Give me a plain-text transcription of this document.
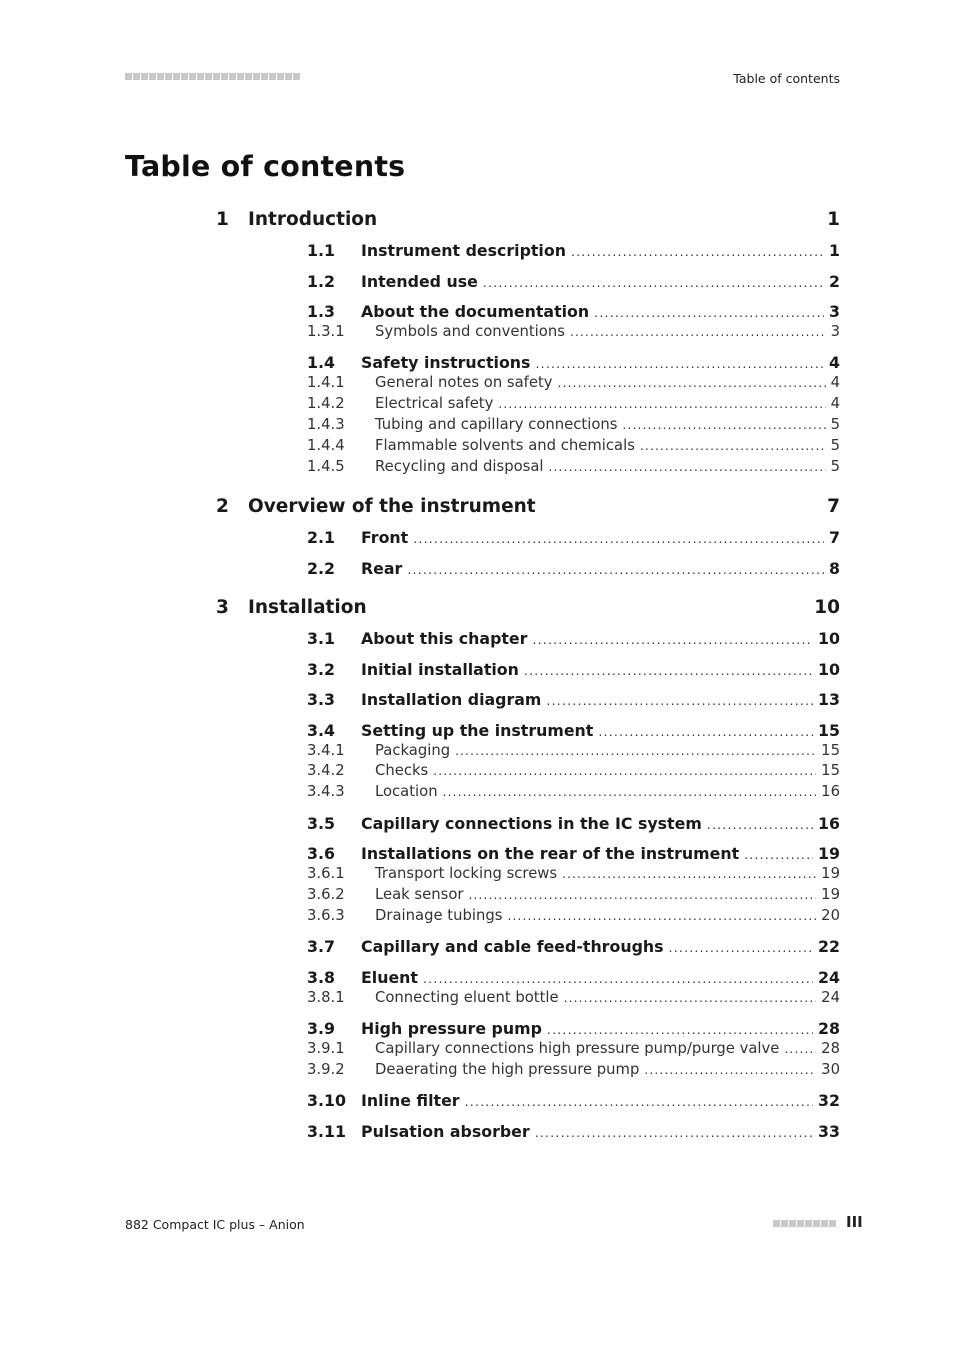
Table of contents
Table of contents
1 Introduction	1
1.1 Instrument description .....	1
1.2 Intended use .....	2
1.3 About the documentation .....	3
1.3.1 Symbols and conventions .....	3
1.4 Safety instructions .....	4
1.4.1 General notes on safety .....	4
1.4.2 Electrical safety .....	4
1.4.3 Tubing and capillary connections .....	5
1.4.4 Flammable solvents and chemicals .....	5
1.4.5 Recycling and disposal .....	5
2 Overview of the instrument	7
2.1 Front .....	7
2.2 Rear .....	8
3 Installation	10
3.1 About this chapter .....	10
3.2 Initial installation .....	10
3.3 Installation diagram .....	13
3.4 Setting up the instrument .....	15
3.4.1 Packaging .....	15
3.4.2 Checks .....	15
3.4.3 Location .....	16
3.5 Capillary connections in the IC system .....	16
3.6 Installations on the rear of the instrument .....	19
3.6.1 Transport locking screws .....	19
3.6.2 Leak sensor .....	19
3.6.3 Drainage tubings .....	20
3.7 Capillary and cable feed-throughs .....	22
3.8 Eluent .....	24
3.8.1 Connecting eluent bottle .....	24
3.9 High pressure pump .....	28
3.9.1 Capillary connections high pressure pump/purge valve .....	28
3.9.2 Deaerating the high pressure pump .....	30
3.10 Inline filter .....	32
3.11 Pulsation absorber .....	33
882 Compact IC plus – Anion	III
